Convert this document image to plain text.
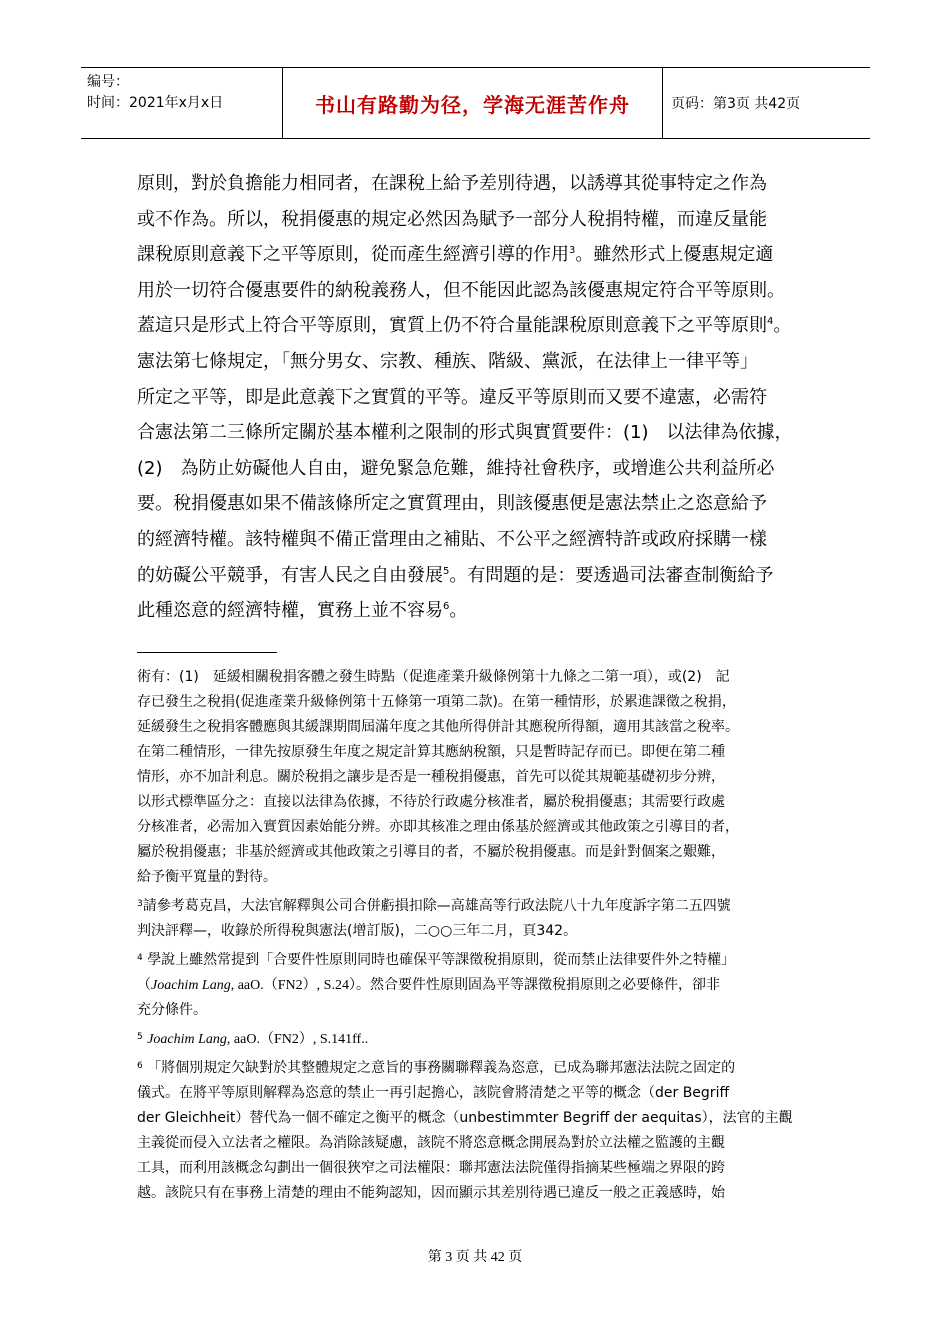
编号：
时间：2021年x月x日	书山有路勤为径，学海无涯苦作舟	页码：第3页 共42页
原則，對於負擔能力相同者，在課稅上給予差別待遇，以誘導其從事特定之作為
或不作為。所以，稅捐優惠的規定必然因為賦予一部分人稅捐特權，而違反量能
課稅原則意義下之平等原則，從而產生經濟引導的作用$^3$。雖然形式上優惠規定適
用於一切符合優惠要件的納稅義務人，但不能因此認為該優惠規定符合平等原則。
蓋這只是形式上符合平等原則，實質上仍不符合量能課稅原則意義下之平等原則$^4$。
憲法第七條規定，「無分男女、宗教、種族、階級、黨派，在法律上一律平等」
所定之平等，即是此意義下之實質的平等。違反平等原則而又要不違憲，必需符
合憲法第二三條所定關於基本權利之限制的形式與實質要件：(1)　以法律為依據，
(2)　為防止妨礙他人自由，避免緊急危難，維持社會秩序，或增進公共利益所必
要。稅捐優惠如果不備該條所定之實質理由，則該優惠便是憲法禁止之恣意給予
的經濟特權。該特權與不備正當理由之補貼、不公平之經濟特許或政府採購一樣
的妨礙公平競爭，有害人民之自由發展$^5$。有問題的是：要透過司法審查制衡給予
此種恣意的經濟特權，實務上並不容易$^6$。
術有：(1)　延緩相關稅捐客體之發生時點（促進產業升級條例第十九條之二第一項），或(2)　記
存已發生之稅捐(促進產業升級條例第十五條第一項第二款)。在第一種情形，於累進課徵之稅捐，
延緩發生之稅捐客體應與其緩課期間屆滿年度之其他所得併計其應稅所得額，適用其該當之稅率。
在第二種情形，一律先按原發生年度之規定計算其應納稅額，只是暫時記存而已。即便在第二種
情形，亦不加計利息。關於稅捐之讓步是否是一種稅捐優惠，首先可以從其規範基礎初步分辨，
以形式標準區分之：直接以法律為依據，不待於行政處分核准者，屬於稅捐優惠；其需要行政處
分核准者，必需加入實質因素始能分辨。亦即其核准之理由係基於經濟或其他政策之引導目的者，
屬於稅捐優惠；非基於經濟或其他政策之引導目的者，不屬於稅捐優惠。而是針對個案之艱難，
給予衡平寬量的對待。
$^3$請參考葛克昌，大法官解釋與公司合併虧損扣除—高雄高等行政法院八十九年度訴字第二五四號
判決評釋—，收錄於所得稅與憲法(增訂版)，二○○三年二月，頁342。
$^4$ 學說上雖然常提到「合要件性原則同時也確保平等課徵稅捐原則，從而禁止法律要件外之特權」
（Joachim Lang, aaO.（FN2）, S.24）。然合要件性原則固為平等課徵稅捐原則之必要條件，卻非
充分條件。
$^5$ Joachim Lang, aaO.（FN2）, S.141ff..
$^6$ 「將個別規定欠缺對於其整體規定之意旨的事務關聯釋義為恣意，已成為聯邦憲法法院之固定的
儀式。在將平等原則解釋為恣意的禁止一再引起擔心，該院會將清楚之平等的概念（der Begriff
der Gleichheit）替代為一個不確定之衡平的概念（unbestimmter Begriff der aequitas），法官的主觀
主義從而侵入立法者之權限。為消除該疑慮，該院不將恣意概念開展為對於立法權之監護的主觀
工具，而利用該概念勾劃出一個很狹窄之司法權限：聯邦憲法法院僅得指摘某些極端之界限的跨
越。該院只有在事務上清楚的理由不能夠認知，因而顯示其差別待遇已違反一般之正義感時，始
第 3 页 共 42 页
